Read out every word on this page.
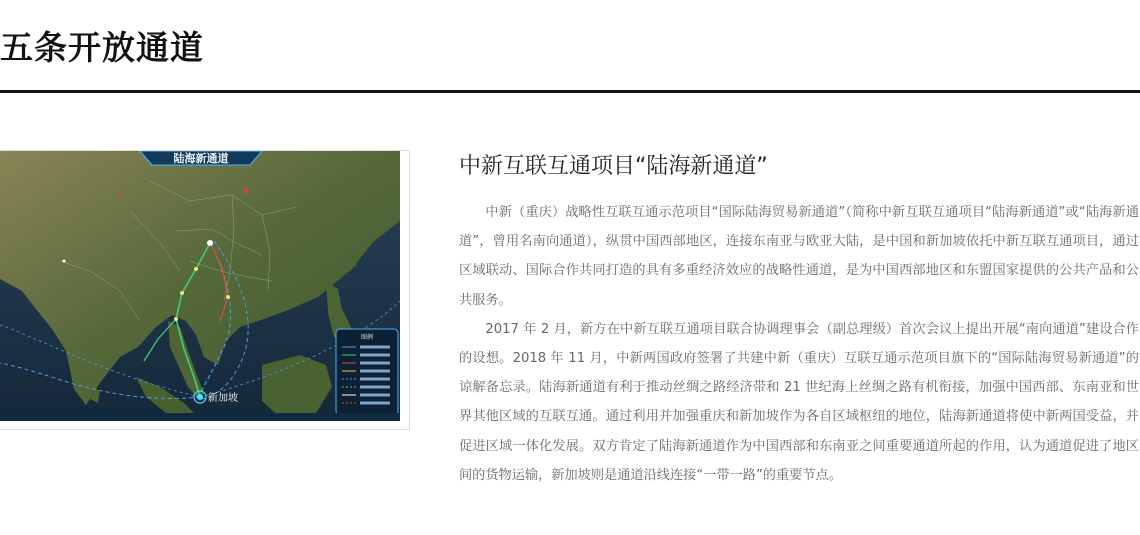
五条开放通道
陆海新通道
图例
新加坡
中新互联互通项目“陆海新通道”

中新（重庆）战略性互联互通示范项目“国际陆海贸易新通道”（简称中新互联互通项目“陆海新通道”或“陆海新通道”，曾用名南向通道），纵贯中国西部地区，连接东南亚与欧亚大陆，是中国和新加坡依托中新互联互通项目，通过区域联动、国际合作共同打造的具有多重经济效应的战略性通道，是为中国西部地区和东盟国家提供的公共产品和公共服务。

2017 年 2 月，新方在中新互联互通项目联合协调理事会（副总理级）首次会议上提出开展“南向通道”建设合作的设想。2018 年 11 月，中新两国政府签署了共建中新（重庆）互联互通示范项目旗下的“国际陆海贸易新通道”的谅解备忘录。陆海新通道有利于推动丝绸之路经济带和 21 世纪海上丝绸之路有机衔接，加强中国西部、东南亚和世界其他区域的互联互通。通过利用并加强重庆和新加坡作为各自区域枢纽的地位，陆海新通道将使中新两国受益，并促进区域一体化发展。双方肯定了陆海新通道作为中国西部和东南亚之间重要通道所起的作用，认为通道促进了地区间的货物运输，新加坡则是通道沿线连接“一带一路”的重要节点。
